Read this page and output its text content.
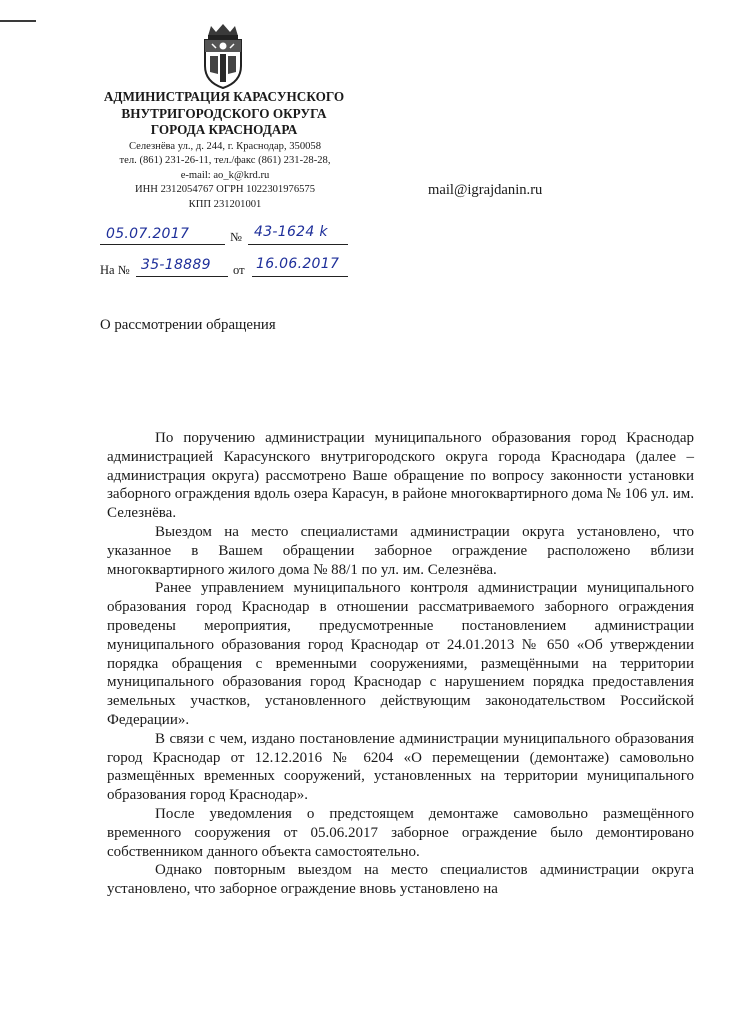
АДМИНИСТРАЦИЯ КАРАСУНСКОГО
ВНУТРИГОРОДСКОГО ОКРУГА
ГОРОДА КРАСНОДАРА

Селезнёва ул., д. 244, г. Краснодар, 350058
тел. (861) 231-26-11, тел./факс (861) 231-28-28,
e-mail: ao_k@krd.ru
ИНН 2312054767 ОГРН 1022301976575
КПП 231201001

mail@igrajdanin.ru

05.07.2017	№ 43-1624 k
На № 35-18889 от 16.06.2017

О рассмотрении обращения

По поручению администрации муниципального образования город Краснодар администрацией Карасунского внутригородского округа города Краснодара (далее – администрация округа) рассмотрено Ваше обращение по вопросу законности установки заборного ограждения вдоль озера Карасун, в районе многоквартирного дома № 106 ул. им. Селезнёва.

Выездом на место специалистами администрации округа установлено, что указанное в Вашем обращении заборное ограждение расположено вблизи многоквартирного жилого дома № 88/1 по ул. им. Селезнёва.

Ранее управлением муниципального контроля администрации муниципального образования город Краснодар в отношении рассматриваемого заборного ограждения проведены мероприятия, предусмотренные постановлением администрации муниципального образования город Краснодар от 24.01.2013 № 650 «Об утверждении порядка обращения с временными сооружениями, размещёнными на территории муниципального образования город Краснодар с нарушением порядка предоставления земельных участков, установленного действующим законодательством Российской Федерации».

В связи с чем, издано постановление администрации муниципального образования город Краснодар от 12.12.2016 № 6204 «О перемещении (демонтаже) самовольно размещённых временных сооружений, установленных на территории муниципального образования город Краснодар».

После уведомления о предстоящем демонтаже самовольно размещённого временного сооружения от 05.06.2017 заборное ограждение было демонтировано собственником данного объекта самостоятельно.

Однако повторным выездом на место специалистов администрации округа установлено, что заборное ограждение вновь установлено на
